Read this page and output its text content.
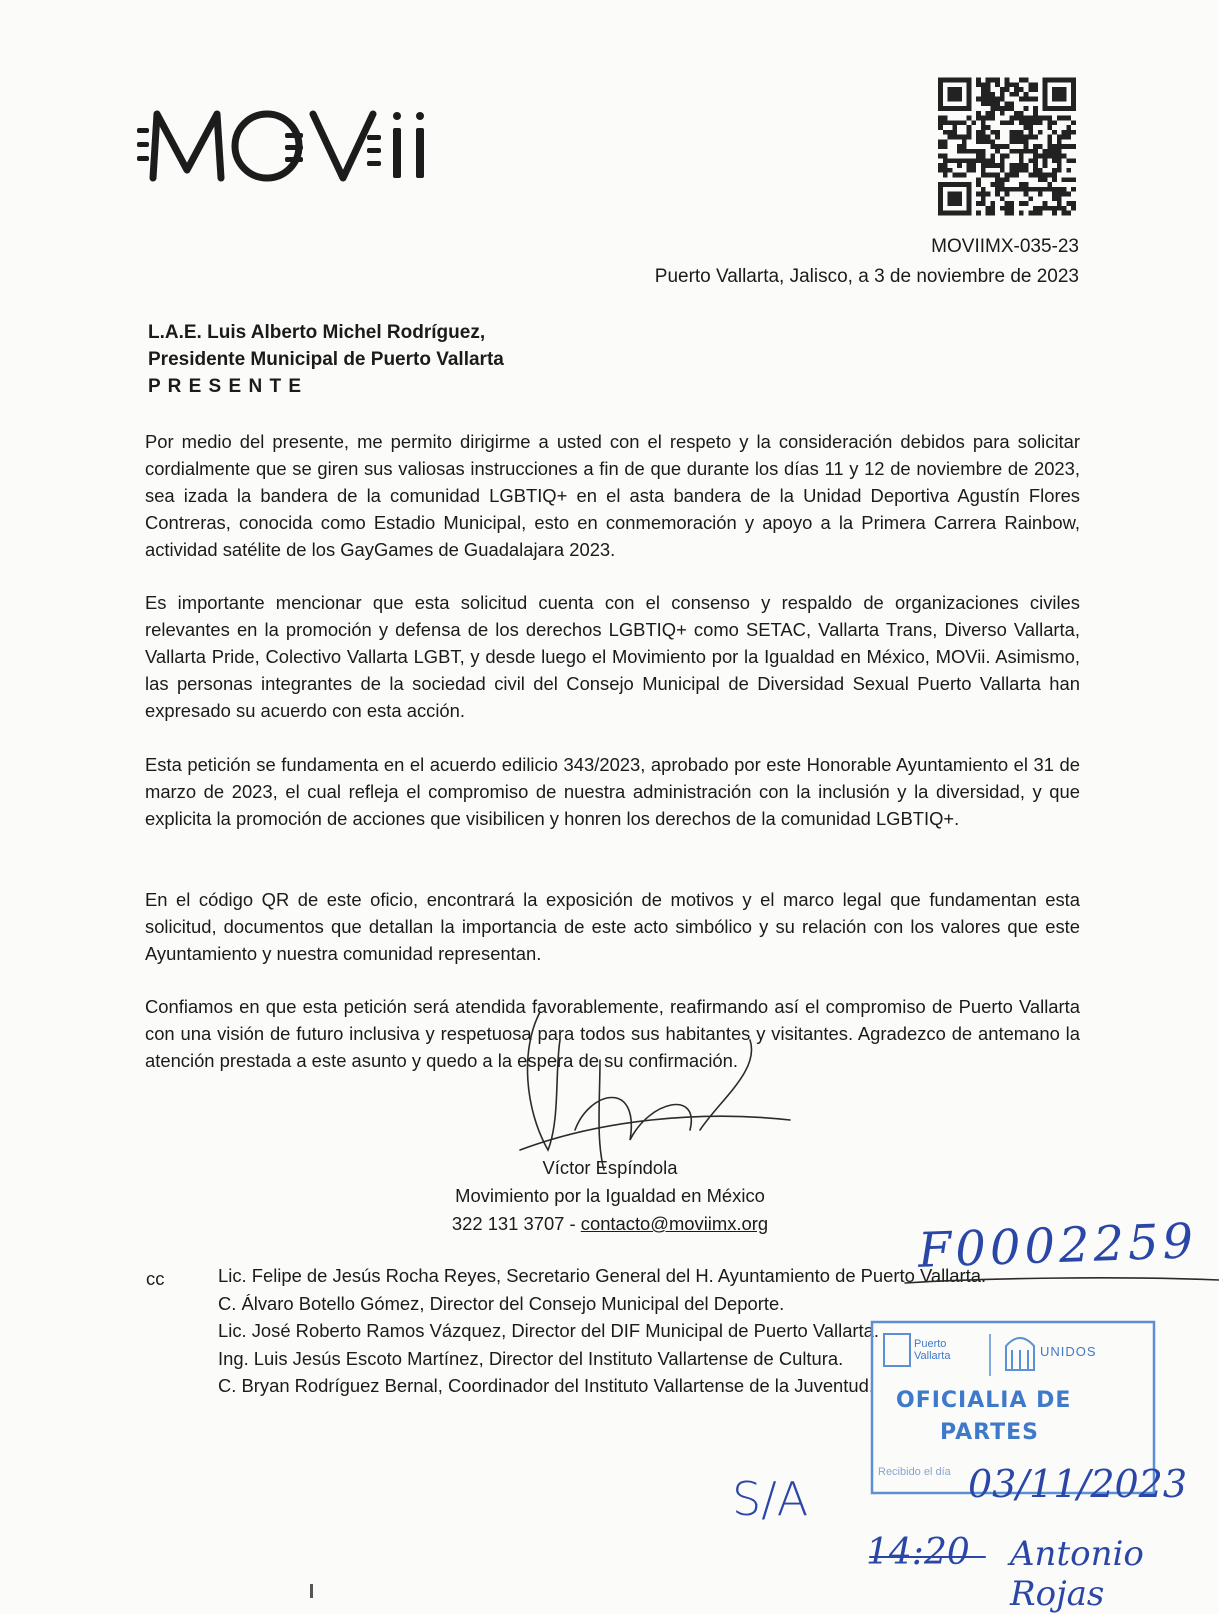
MOVIIMX-035-23
Puerto Vallarta, Jalisco, a 3 de noviembre de 2023
L.A.E. Luis Alberto Michel Rodríguez,
Presidente Municipal de Puerto Vallarta
P R E S E N T E

Por medio del presente, me permito dirigirme a usted con el respeto y la consideración debidos para solicitar cordialmente que se giren sus valiosas instrucciones a fin de que durante los días 11 y 12 de noviembre de 2023, sea izada la bandera de la comunidad LGBTIQ+ en el asta bandera de la Unidad Deportiva Agustín Flores Contreras, conocida como Estadio Municipal, esto en conmemoración y apoyo a la Primera Carrera Rainbow, actividad satélite de los GayGames de Guadalajara 2023.

Es importante mencionar que esta solicitud cuenta con el consenso y respaldo de organizaciones civiles relevantes en la promoción y defensa de los derechos LGBTIQ+ como SETAC, Vallarta Trans, Diverso Vallarta, Vallarta Pride, Colectivo Vallarta LGBT, y desde luego el Movimiento por la Igualdad en México, MOVii. Asimismo, las personas integrantes de la sociedad civil del Consejo Municipal de Diversidad Sexual Puerto Vallarta han expresado su acuerdo con esta acción.

Esta petición se fundamenta en el acuerdo edilicio 343/2023, aprobado por este Honorable Ayuntamiento el 31 de marzo de 2023, el cual refleja el compromiso de nuestra administración con la inclusión y la diversidad, y que explicita la promoción de acciones que visibilicen y honren los derechos de la comunidad LGBTIQ+.

En el código QR de este oficio, encontrará la exposición de motivos y el marco legal que fundamentan esta solicitud, documentos que detallan la importancia de este acto simbólico y su relación con los valores que este Ayuntamiento y nuestra comunidad representan.

Confiamos en que esta petición será atendida favorablemente, reafirmando así el compromiso de Puerto Vallarta con una visión de futuro inclusiva y respetuosa para todos sus habitantes y visitantes. Agradezco de antemano la atención prestada a este asunto y quedo a la espera de su confirmación.

Víctor Espíndola
Movimiento por la Igualdad en México
322 131 3707 - contacto@moviimx.org
cc	Lic. Felipe de Jesús Rocha Reyes, Secretario General del H. Ayuntamiento de Puerto Vallarta.
C. Álvaro Botello Gómez, Director del Consejo Municipal del Deporte.
Lic. José Roberto Ramos Vázquez, Director del DIF Municipal de Puerto Vallarta.
Ing. Luis Jesús Escoto Martínez, Director del Instituto Vallartense de Cultura.
C. Bryan Rodríguez Bernal, Coordinador del Instituto Vallartense de la Juventud.
Puerto Vallarta	UNIDOS
OFICIALIA DE
PARTES
Recibido el día
F0002259
S/A	03/11/2023
14:20 Antonio Rojas
